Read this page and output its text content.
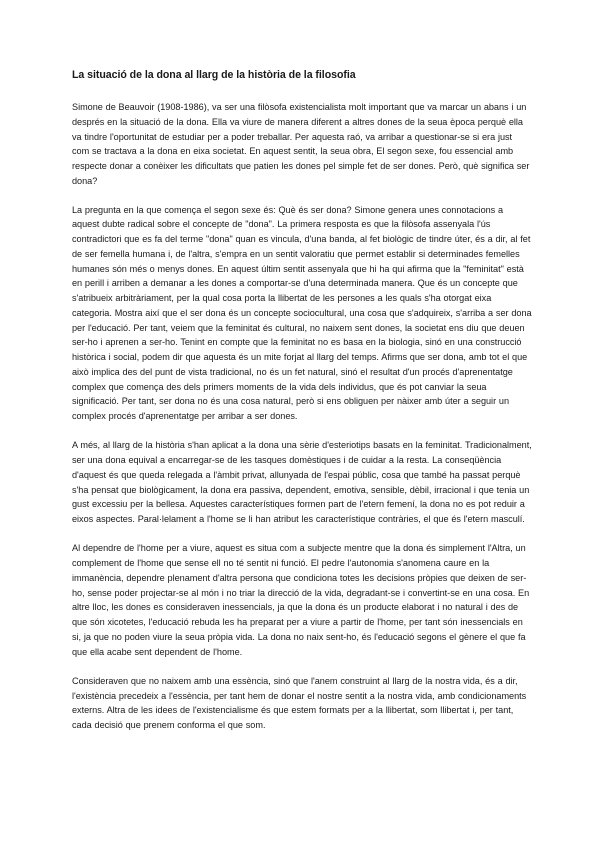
La situació de la dona al llarg de la història de la filosofia

Simone de Beauvoir (1908-1986), va ser una filòsofa existencialista molt important que va marcar un abans i un després en la situació de la dona. Ella va viure de manera diferent a altres dones de la seua època perquè ella va tindre l'oportunitat de estudiar per a poder treballar. Per aquesta raó, va arribar a questionar-se si era just com se tractava a la dona en eixa societat. En aquest sentit, la seua obra, El segon sexe, fou essencial amb respecte donar a conèixer les dificultats que patien les dones pel simple fet de ser dones. Però, què significa ser dona?

La pregunta en la que comença el segon sexe és: Què és ser dona? Simone genera unes connotacions a aquest dubte radical sobre el concepte de "dona". La primera resposta es que la filòsofa assenyala l'ús contradictori que es fa del terme "dona" quan es vincula, d'una banda, al fet biològic de tindre úter, és a dir, al fet de ser femella humana i, de l'altra, s'empra en un sentit valoratiu que permet establir si determinades femelles humanes són més o menys dones. En aquest últim sentit assenyala que hi ha qui afirma que la "feminitat" està en perill i arriben a demanar a les dones a comportar-se d'una determinada manera. Que és un concepte que s'atribueix arbitràriament, per la qual cosa porta la llibertat de les persones a les quals s'ha otorgat eixa categoria. Mostra així que el ser dona és un concepte sociocultural, una cosa que s'adquireix, s'arriba a ser dona per l'educació. Per tant, veiem que la feminitat és cultural, no naixem sent dones, la societat ens diu que deuen ser-ho i aprenen a ser-ho. Tenint en compte que la feminitat no es basa en la biologia, sinó en una construcció històrica i social, podem dir que aquesta és un mite forjat al llarg del temps. Afirms que ser dona, amb tot el que això implica des del punt de vista tradicional, no és un fet natural, sinó el resultat d'un procés d'aprenentatge complex que comença des dels primers moments de la vida dels individus, que és pot canviar la seua significació. Per tant, ser dona no és una cosa natural, però si ens obliguen per nàixer amb úter a seguir un complex procés d'aprenentatge per arribar a ser dones.

A més, al llarg de la història s'han aplicat a la dona una sèrie d'esteriotips basats en la feminitat. Tradicionalment, ser una dona equival a encarregar-se de les tasques domèstiques i de cuidar a la resta. La conseqüència d'aquest és que queda relegada a l'àmbit privat, allunyada de l'espai públic, cosa que també ha passat perquè s'ha pensat que biològicament, la dona era passiva, dependent, emotiva, sensible, dèbil, irracional i que tenia un gust excessiu per la bellesa. Aquestes característiques formen part de l'etern femení, la dona no es pot reduir a eixos aspectes. Paral·lelament a l'home se li han atribut les característique contràries, el que és l'etern masculí.

Al dependre de l'home per a viure, aquest es situa com a subjecte mentre que la dona és simplement l'Altra, un complement de l'home que sense ell no té sentit ni funció. El pedre l'autonomia s'anomena caure en la immanència, dependre plenament d'altra persona que condiciona totes les decisions pròpies que deixen de ser-ho, sense poder projectar-se al món i no triar la direcció de la vida, degradant-se i convertint-se en una cosa. En altre lloc, les dones es consideraven inessencials, ja que la dona és un producte elaborat i no natural i des de que són xicotetes, l'educació rebuda les ha preparat per a viure a partir de l'home, per tant són inessencials en si, ja que no poden viure la seua pròpia vida. La dona no naix sent-ho, és l'educació segons el gènere el que fa que ella acabe sent dependent de l'home.

Consideraven que no naixem amb una essència, sinó que l'anem construint al llarg de la nostra vida, és a dir, l'existència precedeix a l'essència, per tant hem de donar el nostre sentit a la nostra vida, amb condicionaments externs. Altra de les idees de l'existencialisme és que estem formats per a la llibertat, som llibertat i, per tant, cada decisió que prenem conforma el que som.
